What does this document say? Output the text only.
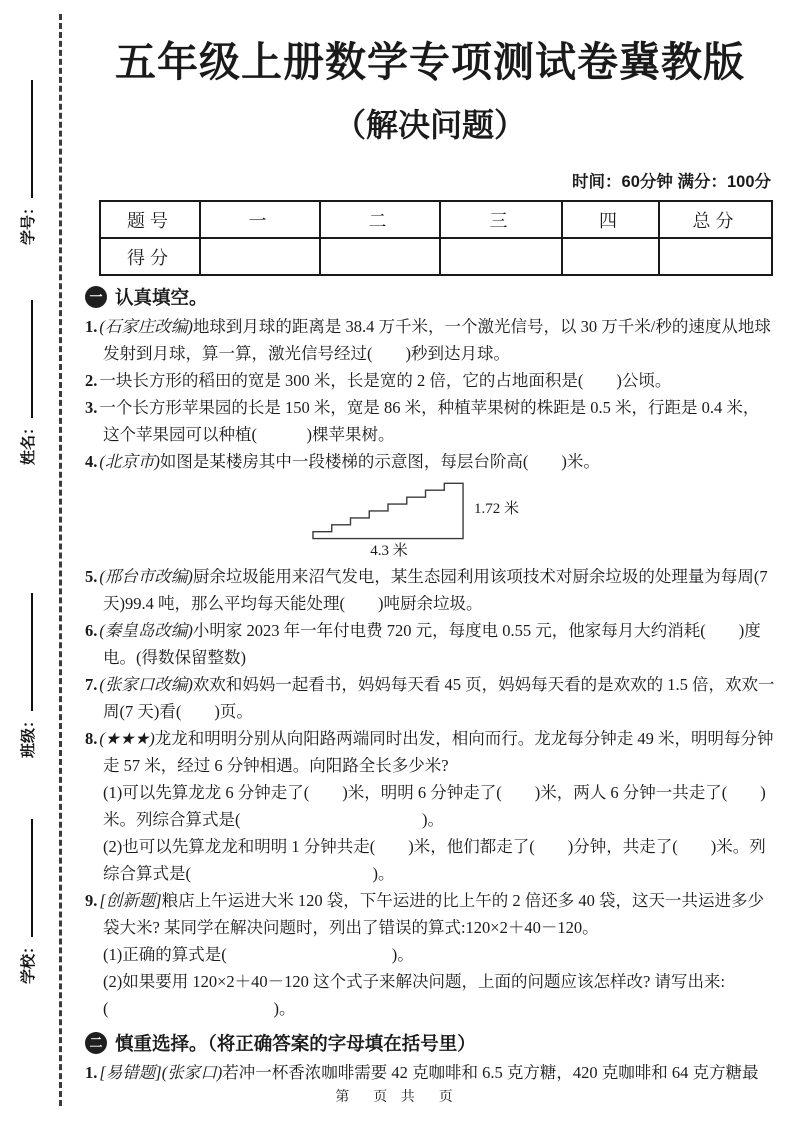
学号：
姓名：
班级：
学校：
五年级上册数学专项测试卷冀教版
（解决问题）
时间：60分钟 满分：100分
题号	一	二	三	四	总分
得分					
一 认真填空。
1. (石家庄改编)地球到月球的距离是 38.4 万千米，一个激光信号，以 30 万千米/秒的速度从地球发射到月球，算一算，激光信号经过(　　)秒到达月球。
2. 一块长方形的稻田的宽是 300 米，长是宽的 2 倍，它的占地面积是(　　)公顷。
3. 一个长方形苹果园的长是 150 米，宽是 86 米，种植苹果树的株距是 0.5 米，行距是 0.4 米，这个苹果园可以种植(　　　)棵苹果树。
4. (北京市)如图是某楼房其中一段楼梯的示意图，每层台阶高(　　)米。
1.72 米
4.3 米
5. (邢台市改编)厨余垃圾能用来沼气发电，某生态园利用该项技术对厨余垃圾的处理量为每周(7 天)99.4 吨，那么平均每天能处理(　　)吨厨余垃圾。
6. (秦皇岛改编)小明家 2023 年一年付电费 720 元，每度电 0.55 元，他家每月大约消耗(　　)度电。(得数保留整数)
7. (张家口改编)欢欢和妈妈一起看书，妈妈每天看 45 页，妈妈每天看的是欢欢的 1.5 倍，欢欢一周(7 天)看(　　)页。
8. (★★★)龙龙和明明分别从向阳路两端同时出发，相向而行。龙龙每分钟走 49 米，明明每分钟走 57 米，经过 6 分钟相遇。向阳路全长多少米?
(1)可以先算龙龙 6 分钟走了(　　)米，明明 6 分钟走了(　　)米，两人 6 分钟一共走了(　　)米。列综合算式是(　　　　　　　　　　　)。
(2)也可以先算龙龙和明明 1 分钟共走(　　)米，他们都走了(　　)分钟，共走了(　　)米。列综合算式是(　　　　　　　　　　　)。
9. [创新题]粮店上午运进大米 120 袋，下午运进的比上午的 2 倍还多 40 袋，这天一共运进多少袋大米? 某同学在解决问题时，列出了错误的算式:120×2＋40－120。
(1)正确的算式是(　　　　　　　　　　)。
(2)如果要用 120×2＋40－120 这个式子来解决问题，上面的问题应该怎样改? 请写出来:(　　　　　　　　　　)。
二 慎重选择。（将正确答案的字母填在括号里）
1. [易错题](张家口)若冲一杯香浓咖啡需要 42 克咖啡和 6.5 克方糖，420 克咖啡和 64 克方糖最
第　页 共　页
